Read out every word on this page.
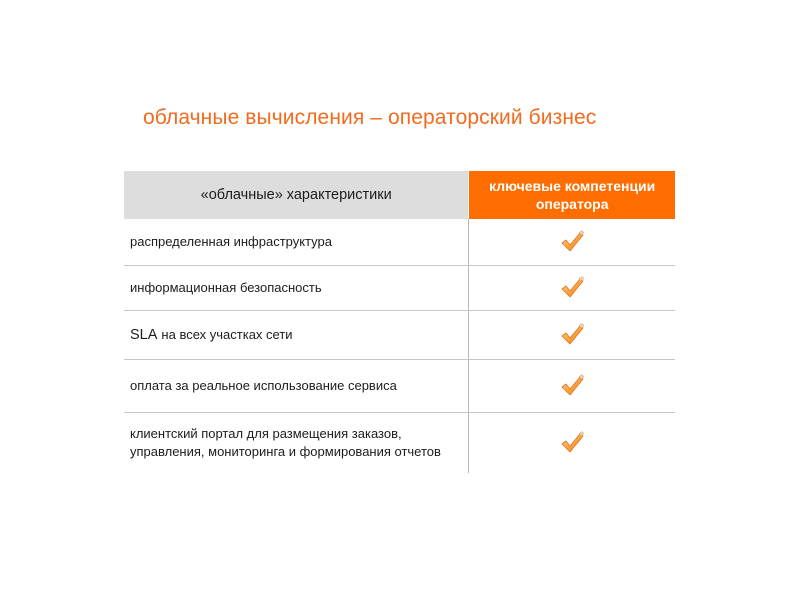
облачные вычисления – операторский бизнес
«облачные» характеристики
ключевые компетенции оператора
распределенная инфраструктура
информационная безопасность
SLA на всех участках сети
оплата за реальное использование сервиса
клиентский портал для размещения заказов, управления, мониторинга и формирования отчетов
